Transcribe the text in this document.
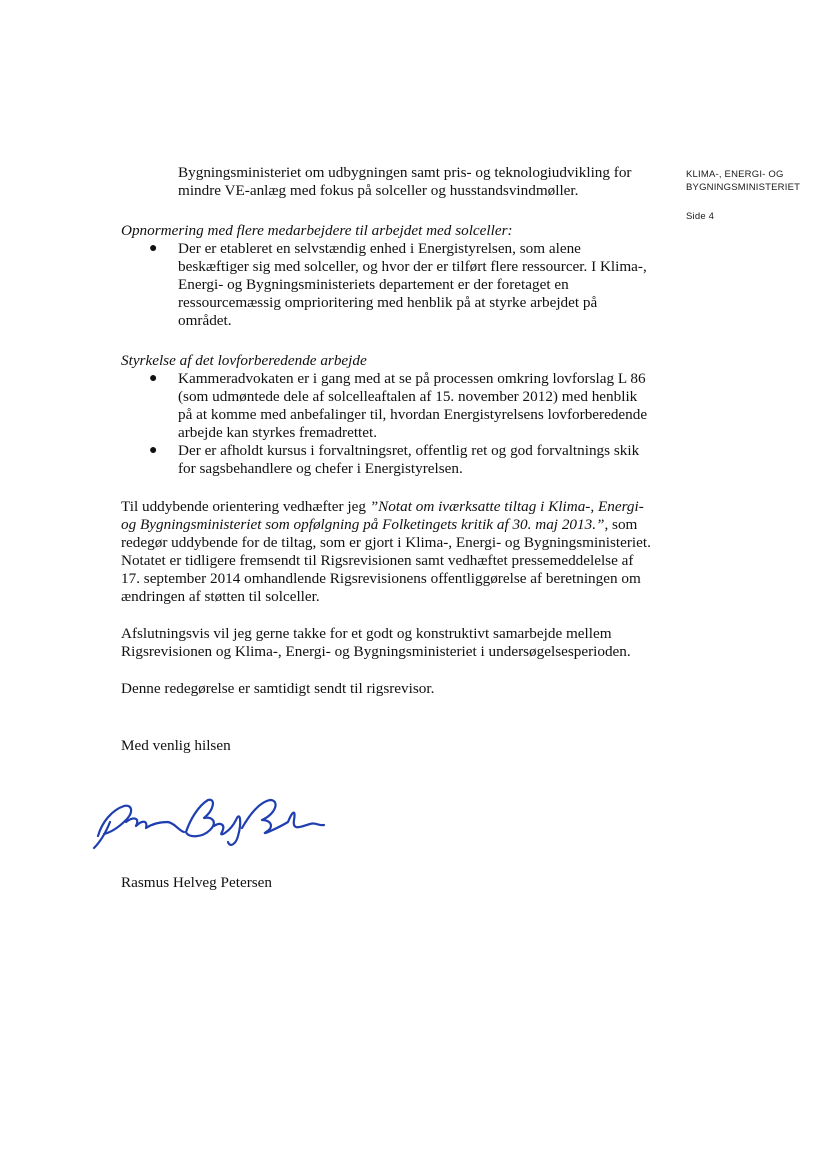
KLIMA-, ENERGI- OG BYGNINGSMINISTERIET
Side 4

Bygningsministeriet om udbygningen samt pris- og teknologiudvikling for mindre VE-anlæg med fokus på solceller og husstandsvindmøller.

Opnormering med flere medarbejdere til arbejdet med solceller:

● Der er etableret en selvstændig enhed i Energistyrelsen, som alene beskæftiger sig med solceller, og hvor der er tilført flere ressourcer. I Klima-, Energi- og Bygningsministeriets departement er der foretaget en ressourcemæssig omprioritering med henblik på at styrke arbejdet på området.

Styrkelse af det lovforberedende arbejde

● Kammeradvokaten er i gang med at se på processen omkring lovforslag L 86 (som udmøntede dele af solcelleaftalen af 15. november 2012) med henblik på at komme med anbefalinger til, hvordan Energistyrelsens lovforberedende arbejde kan styrkes fremadrettet.
● Der er afholdt kursus i forvaltningsret, offentlig ret og god forvaltnings skik for sagsbehandlere og chefer i Energistyrelsen.

Til uddybende orientering vedhæfter jeg ”Notat om iværksatte tiltag i Klima-, Energi- og Bygningsministeriet som opfølgning på Folketingets kritik af 30. maj 2013.”, som redegør uddybende for de tiltag, som er gjort i Klima-, Energi- og Bygningsministeriet. Notatet er tidligere fremsendt til Rigsrevisionen samt vedhæftet pressemeddelelse af 17. september 2014 omhandlende Rigsrevisionens offentliggørelse af beretningen om ændringen af støtten til solceller.

Afslutningsvis vil jeg gerne takke for et godt og konstruktivt samarbejde mellem Rigsrevisionen og Klima-, Energi- og Bygningsministeriet i undersøgelsesperioden.

Denne redegørelse er samtidigt sendt til rigsrevisor.

Med venlig hilsen

Rasmus Helveg Petersen
